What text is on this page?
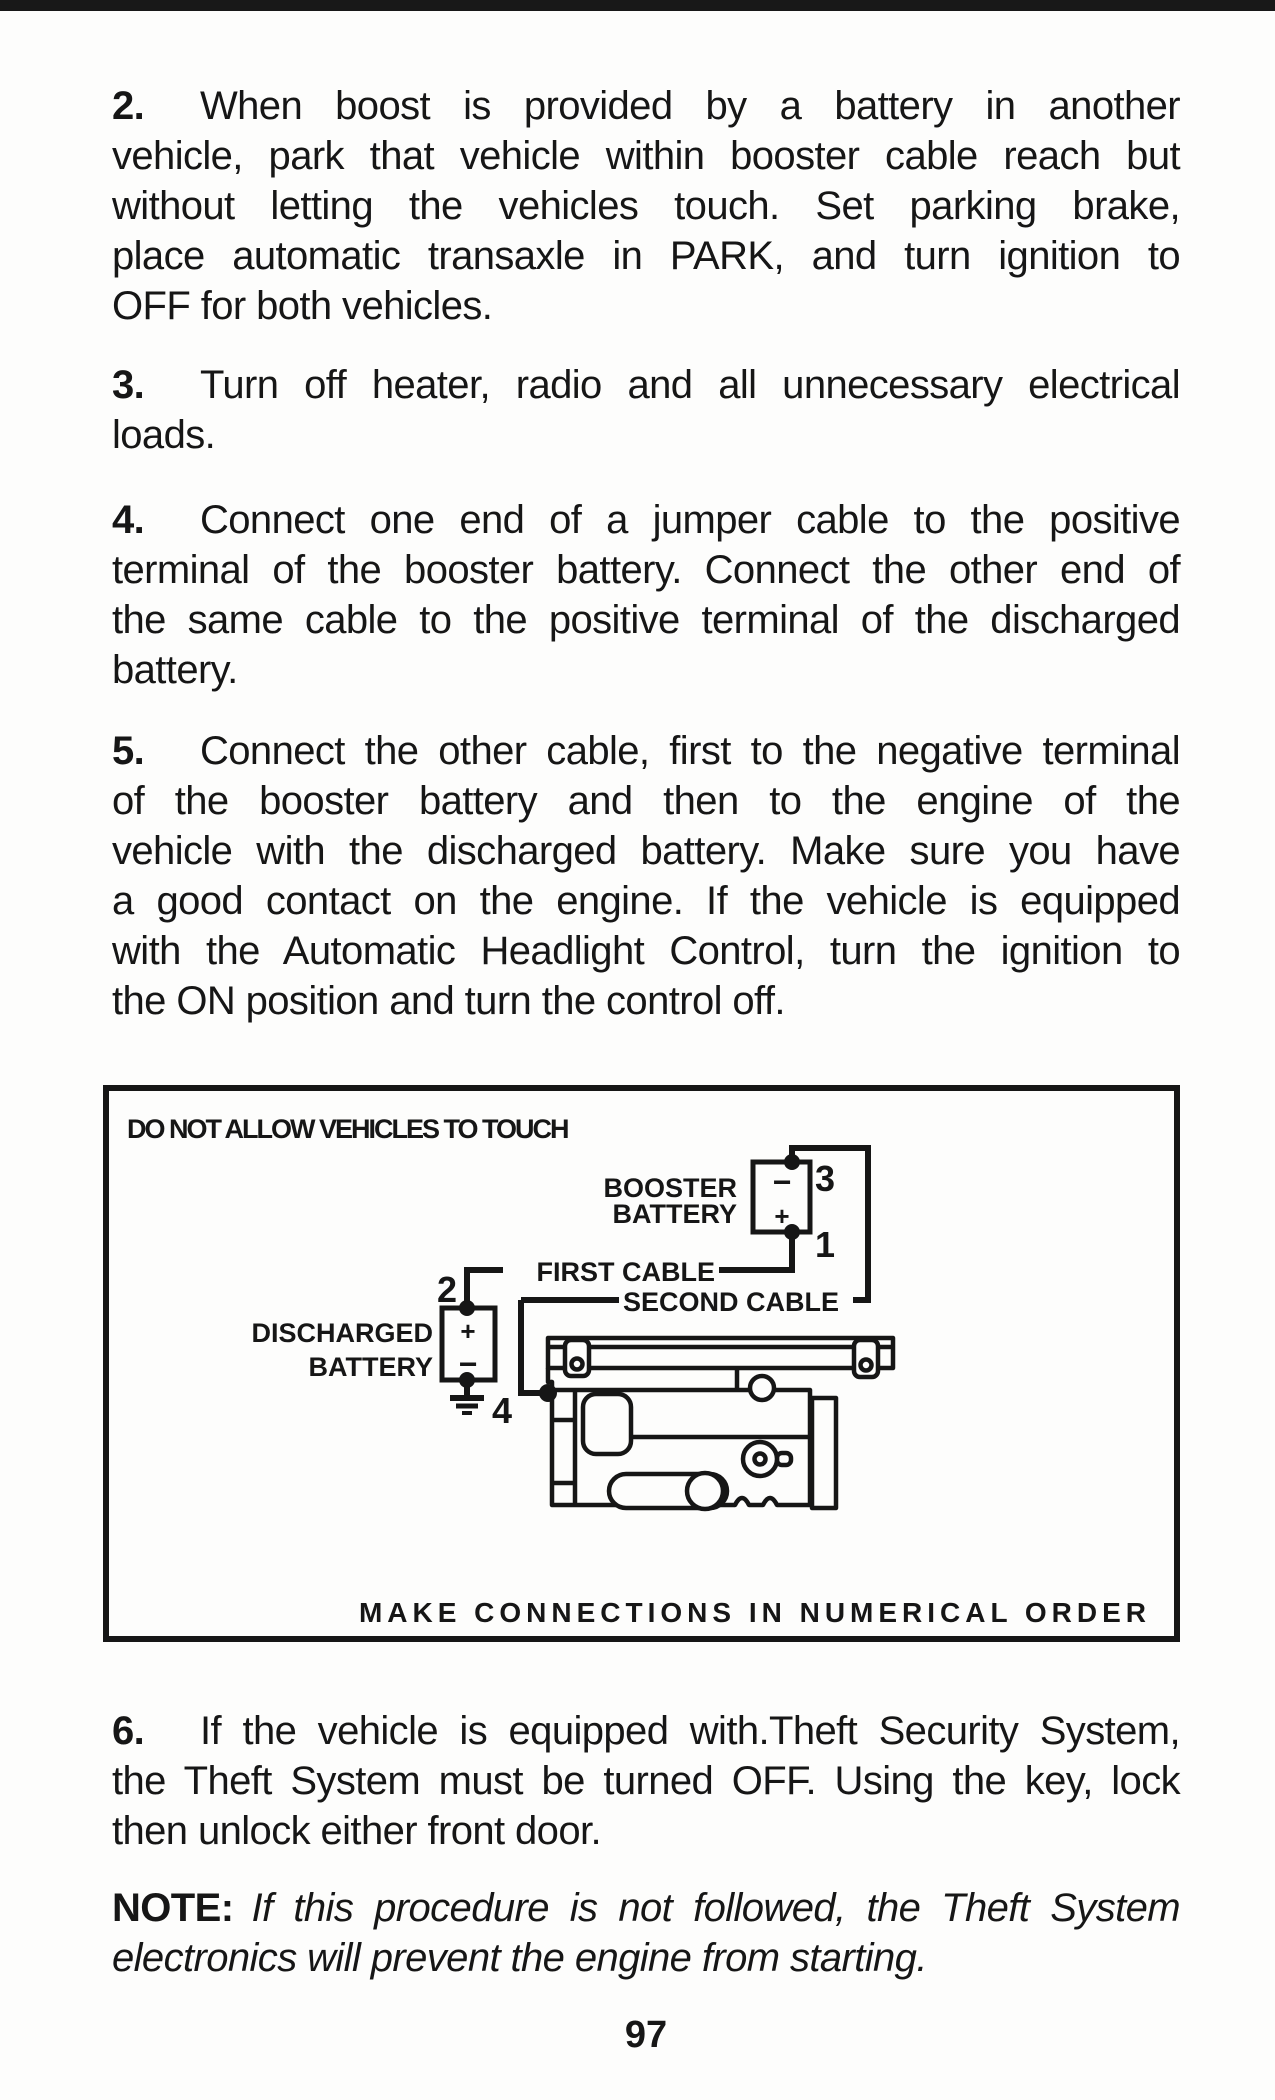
2. When boost is provided by a battery in another
vehicle, park that vehicle within booster cable reach but
without letting the vehicles touch. Set parking brake,
place automatic transaxle in PARK, and turn ignition to
OFF for both vehicles.
3. Turn off heater, radio and all unnecessary electrical
loads.
4. Connect one end of a jumper cable to the positive
terminal of the booster battery. Connect the other end of
the same cable to the positive terminal of the discharged
battery.
5. Connect the other cable, first to the negative terminal
of the booster battery and then to the engine of the
vehicle with the discharged battery. Make sure you have
a good contact on the engine. If the vehicle is equipped
with the Automatic Headlight Control, turn the ignition to
the ON position and turn the control off.
6. If the vehicle is equipped with.Theft Security System,
the Theft System must be turned OFF. Using the key, lock
then unlock either front door.
NOTE: If this procedure is not followed, the Theft System
electronics will prevent the engine from starting.
97
DO NOT ALLOW VEHICLES TO TOUCH
FIRST CABLE
SECOND CABLE
−
+
3
1
BOOSTER
BATTERY
+
−
2
DISCHARGED
BATTERY
4
MAKE CONNECTIONS IN NUMERICAL ORDER
